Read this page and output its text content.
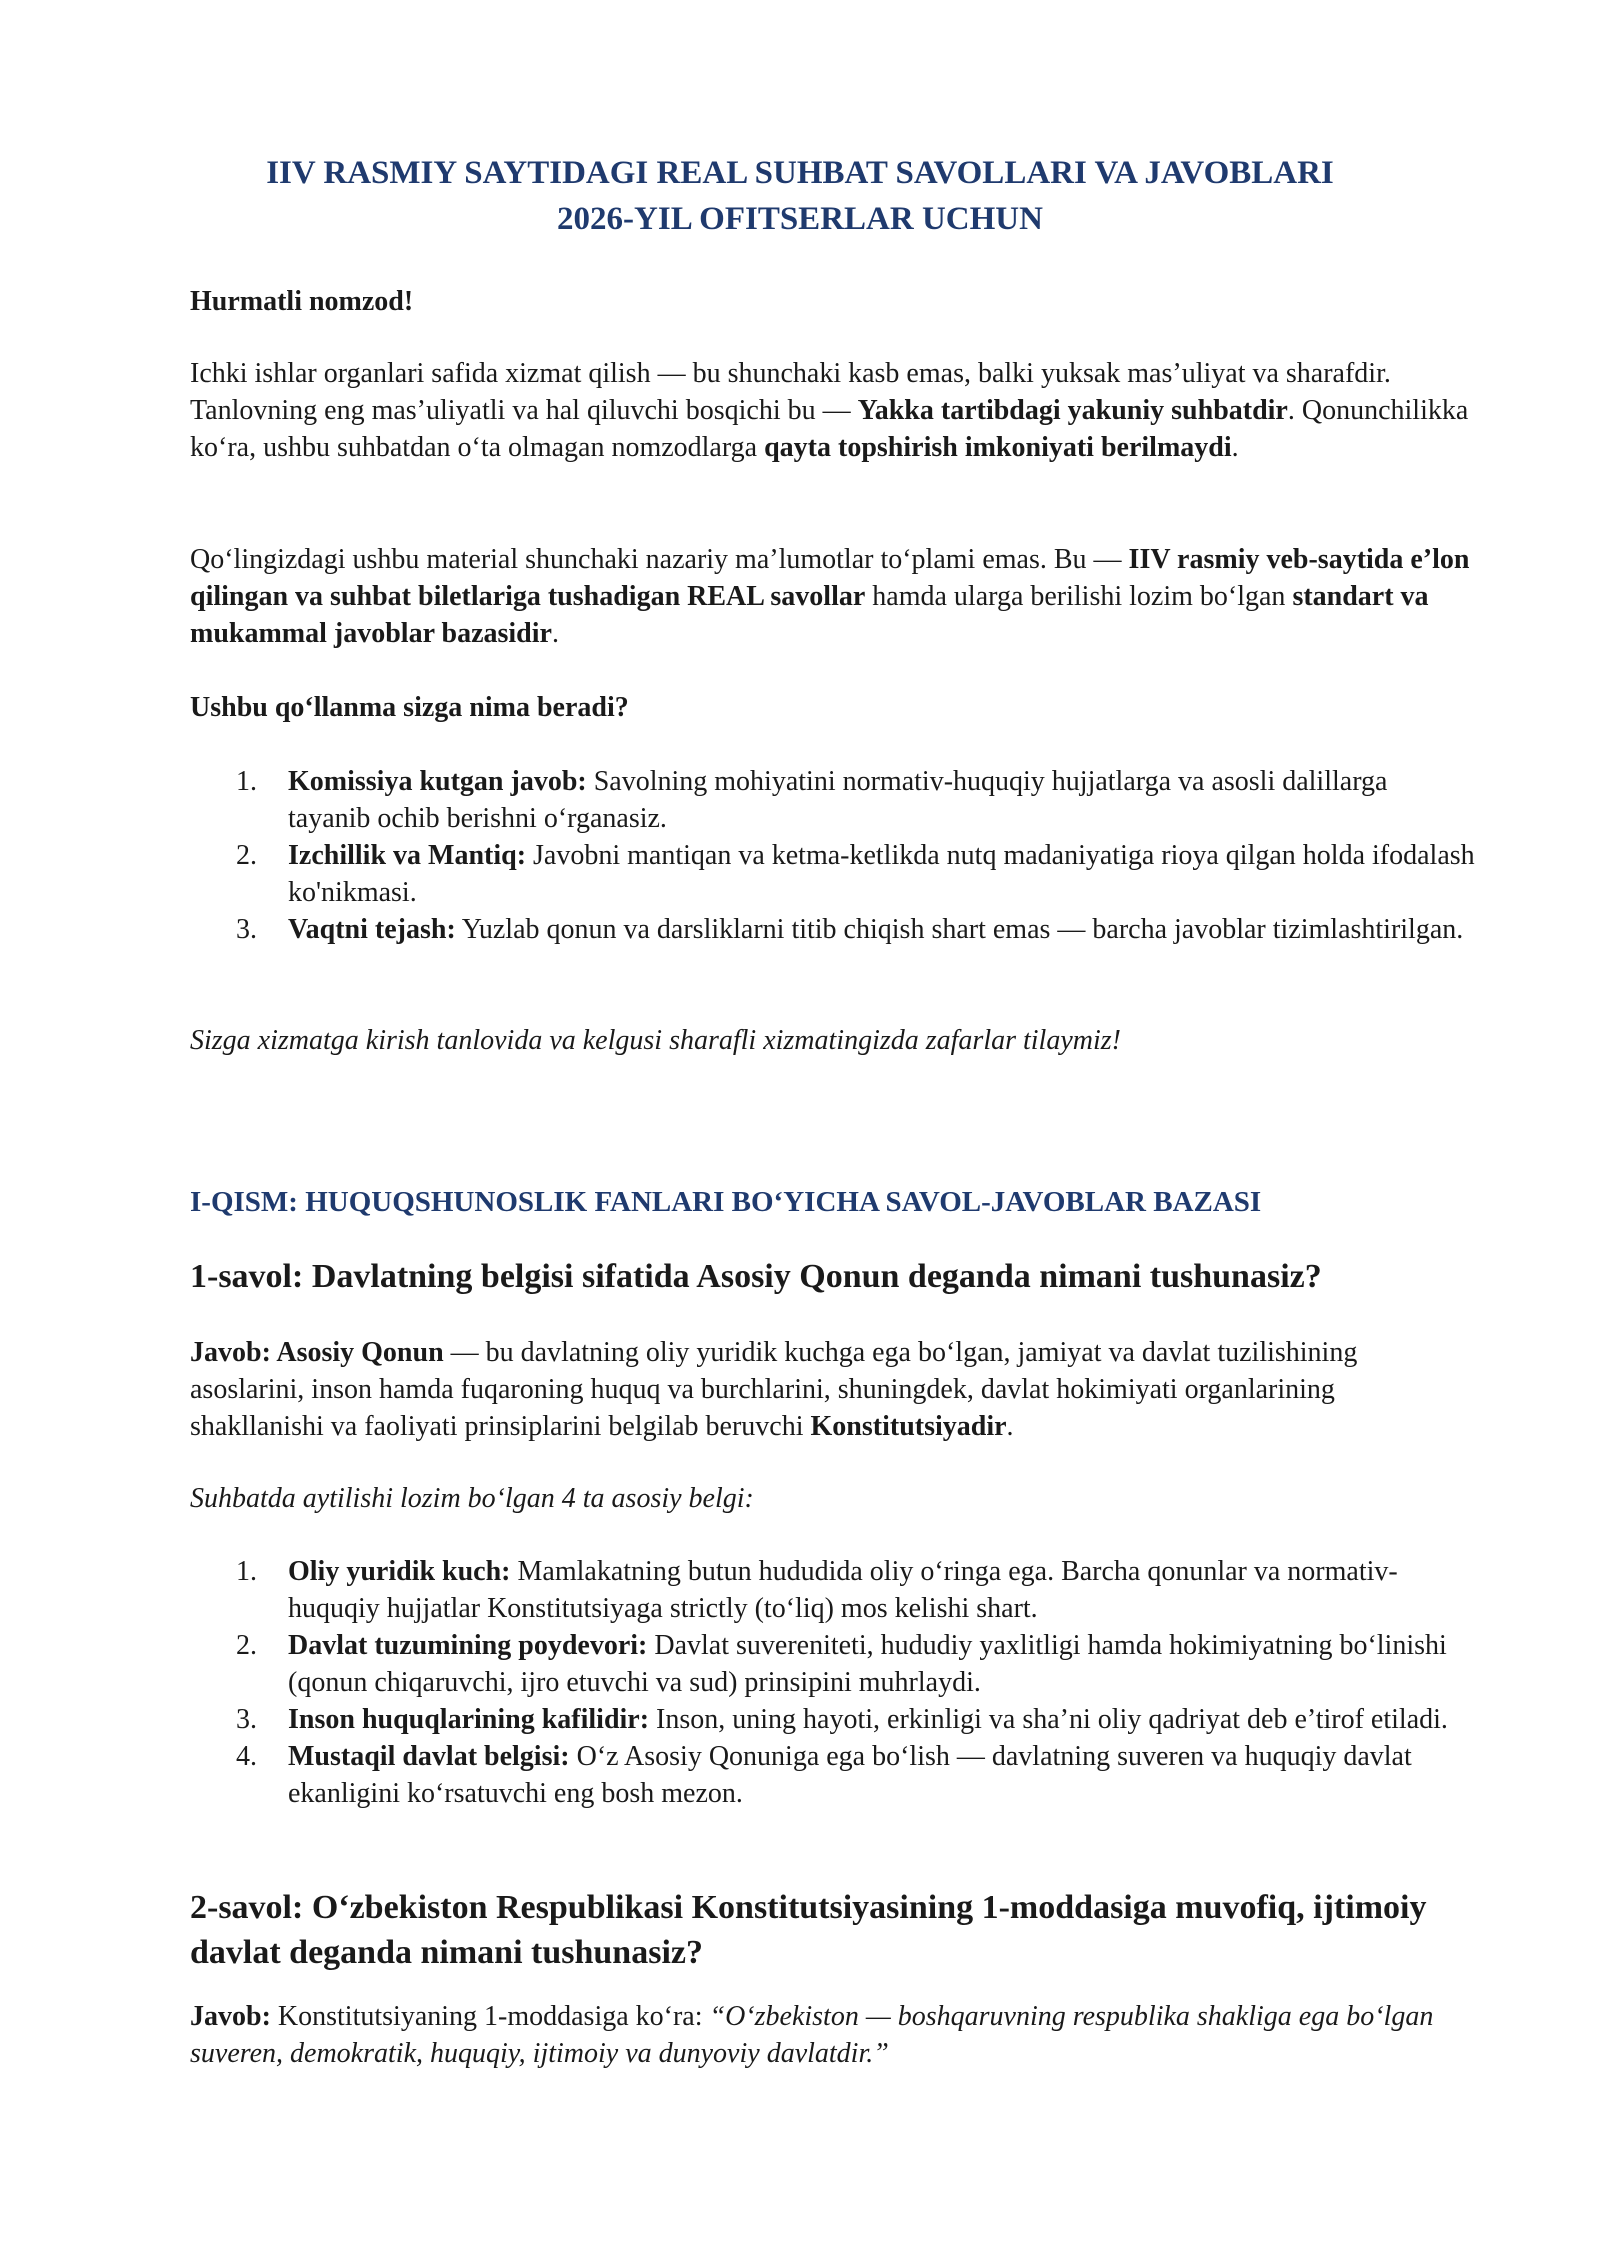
IIV RASMIY SAYTIDAGI REAL SUHBAT SAVOLLARI VA JAVOBLARI
2026-YIL OFITSERLAR UCHUN

Hurmatli nomzod!

Ichki ishlar organlari safida xizmat qilish — bu shunchaki kasb emas, balki yuksak mas’uliyat va sharafdir. Tanlovning eng mas’uliyatli va hal qiluvchi bosqichi bu — Yakka tartibdagi yakuniy suhbatdir. Qonunchilikka ko‘ra, ushbu suhbatdan o‘ta olmagan nomzodlarga qayta topshirish imkoniyati berilmaydi.

Qo‘lingizdagi ushbu material shunchaki nazariy ma’lumotlar to‘plami emas. Bu — IIV rasmiy veb-saytida e’lon qilingan va suhbat biletlariga tushadigan REAL savollar hamda ularga berilishi lozim bo‘lgan standart va mukammal javoblar bazasidir.

Ushbu qo‘llanma sizga nima beradi?

1. Komissiya kutgan javob: Savolning mohiyatini normativ-huquqiy hujjatlarga va asosli dalillarga tayanib ochib berishni o‘rganasiz.
2. Izchillik va Mantiq: Javobni mantiqan va ketma-ketlikda nutq madaniyatiga rioya qilgan holda ifodalash ko'nikmasi.
3. Vaqtni tejash: Yuzlab qonun va darsliklarni titib chiqish shart emas — barcha javoblar tizimlashtirilgan.

Sizga xizmatga kirish tanlovida va kelgusi sharafli xizmatingizda zafarlar tilaymiz!

I-QISM: HUQUQSHUNOSLIK FANLARI BO‘YICHA SAVOL-JAVOBLAR BAZASI
1-savol: Davlatning belgisi sifatida Asosiy Qonun deganda nimani tushunasiz?

Javob: Asosiy Qonun — bu davlatning oliy yuridik kuchga ega bo‘lgan, jamiyat va davlat tuzilishining asoslarini, inson hamda fuqaroning huquq va burchlarini, shuningdek, davlat hokimiyati organlarining shakllanishi va faoliyati prinsiplarini belgilab beruvchi Konstitutsiyadir.

Suhbatda aytilishi lozim bo‘lgan 4 ta asosiy belgi:

1. Oliy yuridik kuch: Mamlakatning butun hududida oliy o‘ringa ega. Barcha qonunlar va normativ-huquqiy hujjatlar Konstitutsiyaga strictly (to‘liq) mos kelishi shart.
2. Davlat tuzumining poydevori: Davlat suvereniteti, hududiy yaxlitligi hamda hokimiyatning bo‘linishi (qonun chiqaruvchi, ijro etuvchi va sud) prinsipini muhrlaydi.
3. Inson huquqlarining kafilidir: Inson, uning hayoti, erkinligi va sha’ni oliy qadriyat deb e’tirof etiladi.
4. Mustaqil davlat belgisi: O‘z Asosiy Qonuniga ega bo‘lish — davlatning suveren va huquqiy davlat ekanligini ko‘rsatuvchi eng bosh mezon.
2-savol: O‘zbekiston Respublikasi Konstitutsiyasining 1-moddasiga muvofiq, ijtimoiy davlat deganda nimani tushunasiz?

Javob: Konstitutsiyaning 1-moddasiga ko‘ra: “O‘zbekiston — boshqaruvning respublika shakliga ega bo‘lgan suveren, demokratik, huquqiy, ijtimoiy va dunyoviy davlatdir.”
